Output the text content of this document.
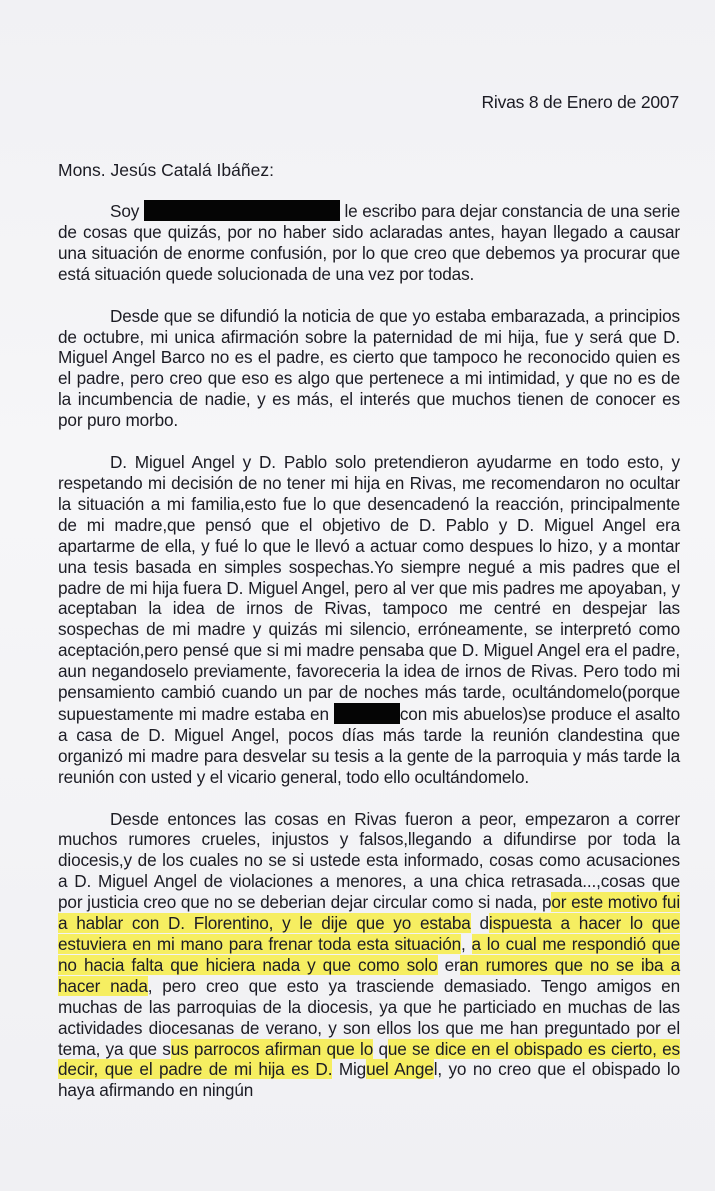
Rivas 8 de Enero de 2007
Mons. Jesús Catalá Ibáñez:

Soy	le escribo para dejar constancia de una serie de cosas que quizás, por no haber sido aclaradas antes, hayan llegado a causar una situación de enorme confusión, por lo que creo que debemos ya procurar que está situación quede solucionada de una vez por todas.

Desde que se difundió la noticia de que yo estaba embarazada, a principios de octubre, mi unica afirmación sobre la paternidad de mi hija, fue y será que D. Miguel Angel Barco no es el padre, es cierto que tampoco he reconocido quien es el padre, pero creo que eso es algo que pertenece a mi intimidad, y que no es de la incumbencia de nadie, y es más, el interés que muchos tienen de conocer es por puro morbo.

D. Miguel Angel y D. Pablo solo pretendieron ayudarme en todo esto, y respetando mi decisión de no tener mi hija en Rivas, me recomendaron no ocultar la situación a mi familia,esto fue lo que desencadenó la reacción, principalmente de mi madre,que pensó que el objetivo de D. Pablo y D. Miguel Angel era apartarme de ella, y fué lo que le llevó a actuar como despues lo hizo, y a montar una tesis basada en simples sospechas.Yo siempre negué a mis padres que el padre de mi hija fuera D. Miguel Angel, pero al ver que mis padres me apoyaban, y aceptaban la idea de irnos de Rivas, tampoco me centré en despejar las sospechas de mi madre y quizás mi silencio, erróneamente, se interpretó como aceptación,pero pensé que si mi madre pensaba que D. Miguel Angel era el padre, aun negandoselo previamente, favoreceria la idea de irnos de Rivas. Pero todo mi pensamiento cambió cuando un par de noches más tarde, ocultándomelo(porque supuestamente mi madre estaba en	con mis abuelos)se produce el asalto a casa de D. Miguel Angel, pocos días más tarde la reunión clandestina que organizó mi madre para desvelar su tesis a la gente de la parroquia y más tarde la reunión con usted y el vicario general, todo ello ocultándomelo.

Desde entonces las cosas en Rivas fueron a peor, empezaron a correr muchos rumores crueles, injustos y falsos,llegando a difundirse por toda la diocesis,y de los cuales no se si ustede esta informado, cosas como acusaciones a D. Miguel Angel de violaciones a menores, a una chica retrasada...,cosas que por justicia creo que no se deberian dejar circular como si nada, por este motivo fui a hablar con D. Florentino, y le dije que yo estaba dispuesta a hacer lo que estuviera en mi mano para frenar toda esta situación, a lo cual me respondió que no hacia falta que hiciera nada y que como solo eran rumores que no se iba a hacer nada, pero creo que esto ya trasciende demasiado. Tengo amigos en muchas de las parroquias de la diocesis, ya que he particiado en muchas de las actividades diocesanas de verano, y son ellos los que me han preguntado por el tema, ya que sus parrocos afirman que lo que se dice en el obispado es cierto, es decir, que el padre de mi hija es D. Miguel Angel, yo no creo que el obispado lo haya afirmando en ningún
